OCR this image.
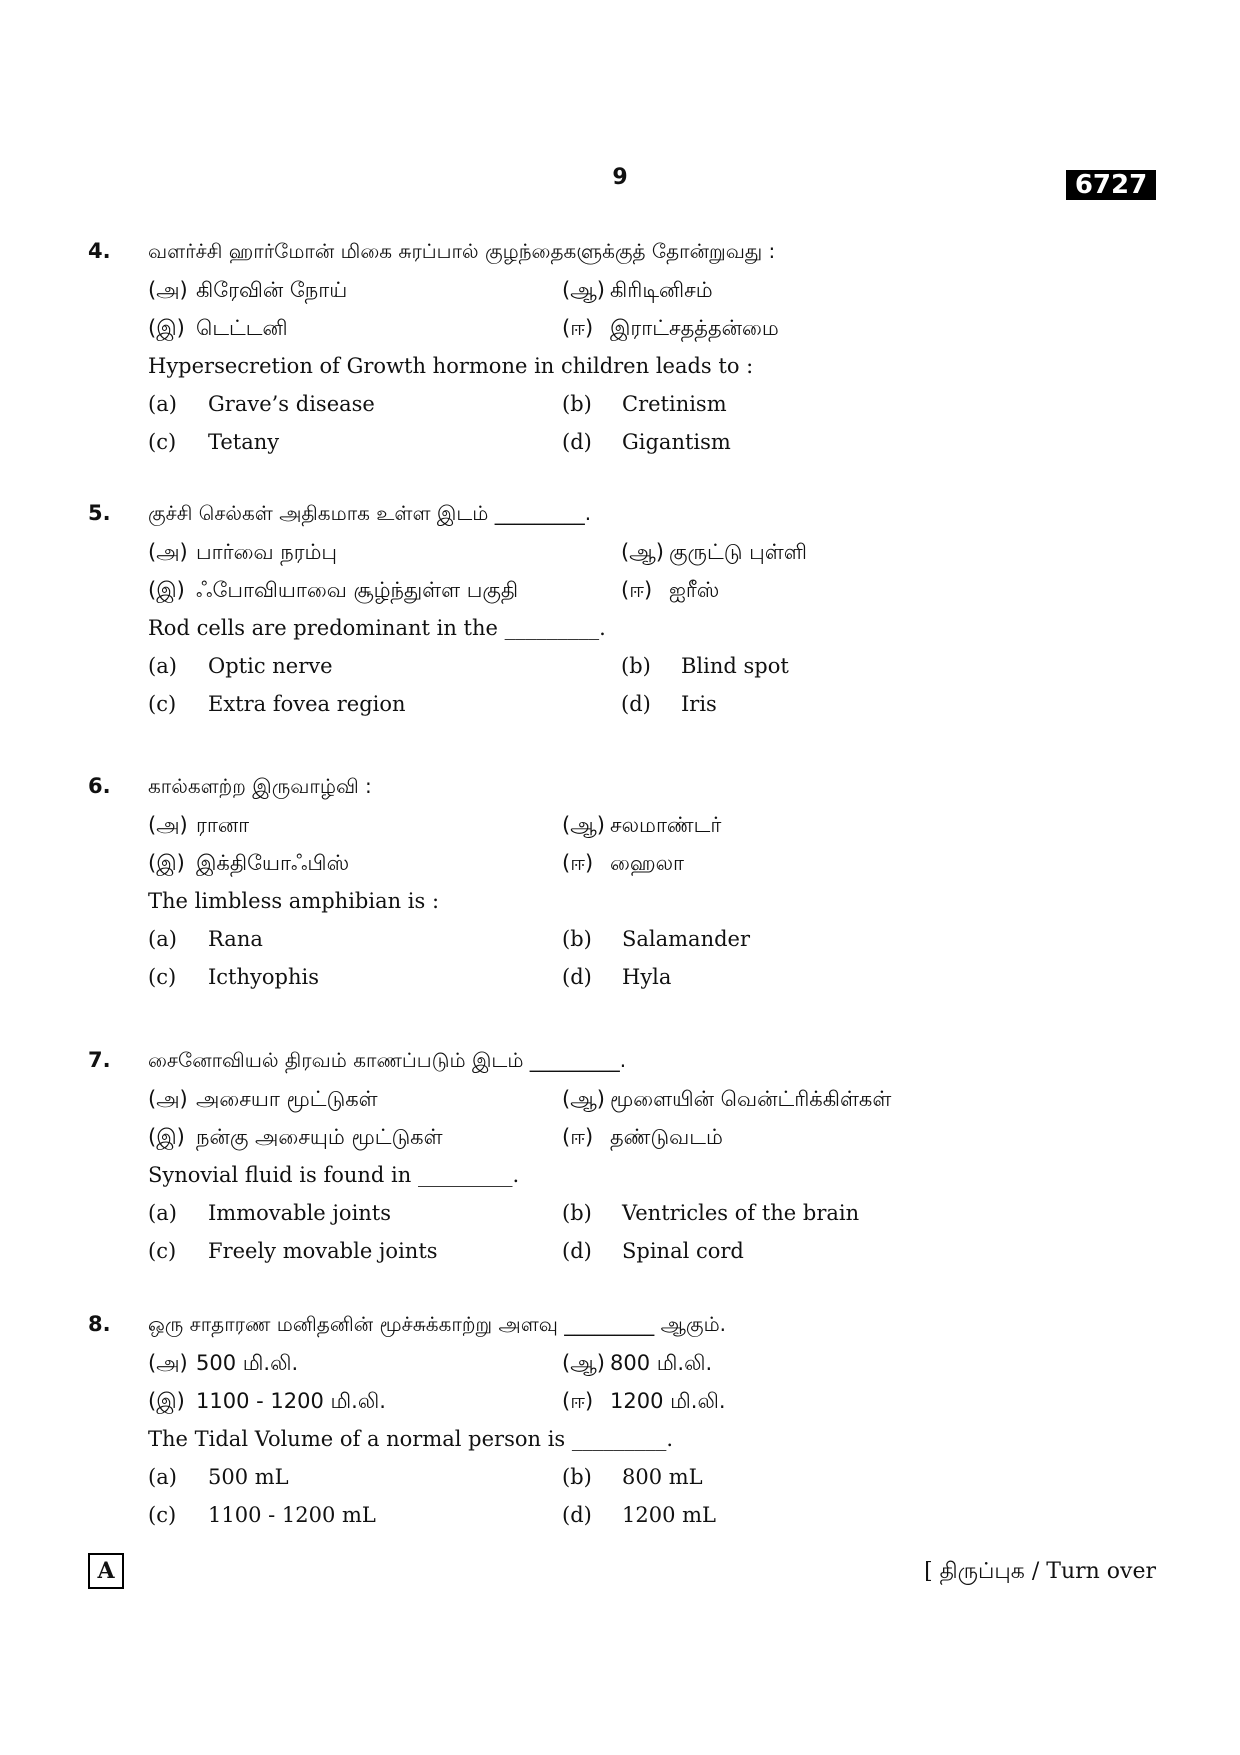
9	6727
4. வளர்ச்சி ஹார்மோன் மிகை சுரப்பால் குழந்தைகளுக்குத் தோன்றுவது :
(அ) கிரேவின் நோய்	(ஆ) கிரிடினிசம்
(இ) டெட்டனி	(ஈ) இராட்சதத்தன்மை
Hypersecretion of Growth hormone in children leads to :
(a) Grave’s disease	(b) Cretinism
(c) Tetany	(d) Gigantism
5. குச்சி செல்கள் அதிகமாக உள்ள இடம் _________.
(அ) பார்வை நரம்பு	(ஆ) குருட்டு புள்ளி
(இ) ஃபோவியாவை சூழ்ந்துள்ள பகுதி	(ஈ) ஐரீஸ்
Rod cells are predominant in the _________.
(a) Optic nerve	(b) Blind spot
(c) Extra fovea region	(d) Iris
6. கால்களற்ற இருவாழ்வி :
(அ) ரானா	(ஆ) சலமாண்டர்
(இ) இக்தியோஃபிஸ்	(ஈ) ஹைலா
The limbless amphibian is :
(a) Rana	(b) Salamander
(c) Icthyophis	(d) Hyla
7. சைனோவியல் திரவம் காணப்படும் இடம் _________.
(அ) அசையா மூட்டுகள்	(ஆ) மூளையின் வென்ட்ரிக்கிள்கள்
(இ) நன்கு அசையும் மூட்டுகள்	(ஈ) தண்டுவடம்
Synovial fluid is found in _________.
(a) Immovable joints	(b) Ventricles of the brain
(c) Freely movable joints	(d) Spinal cord
8. ஒரு சாதாரண மனிதனின் மூச்சுக்காற்று அளவு _________ ஆகும்.
(அ) 500 மி.லி.	(ஆ) 800 மி.லி.
(இ) 1100 - 1200 மி.லி.	(ஈ) 1200 மி.லி.
The Tidal Volume of a normal person is _________.
(a) 500 mL	(b) 800 mL
(c) 1100 - 1200 mL	(d) 1200 mL
A	[ திருப்புக / Turn over
